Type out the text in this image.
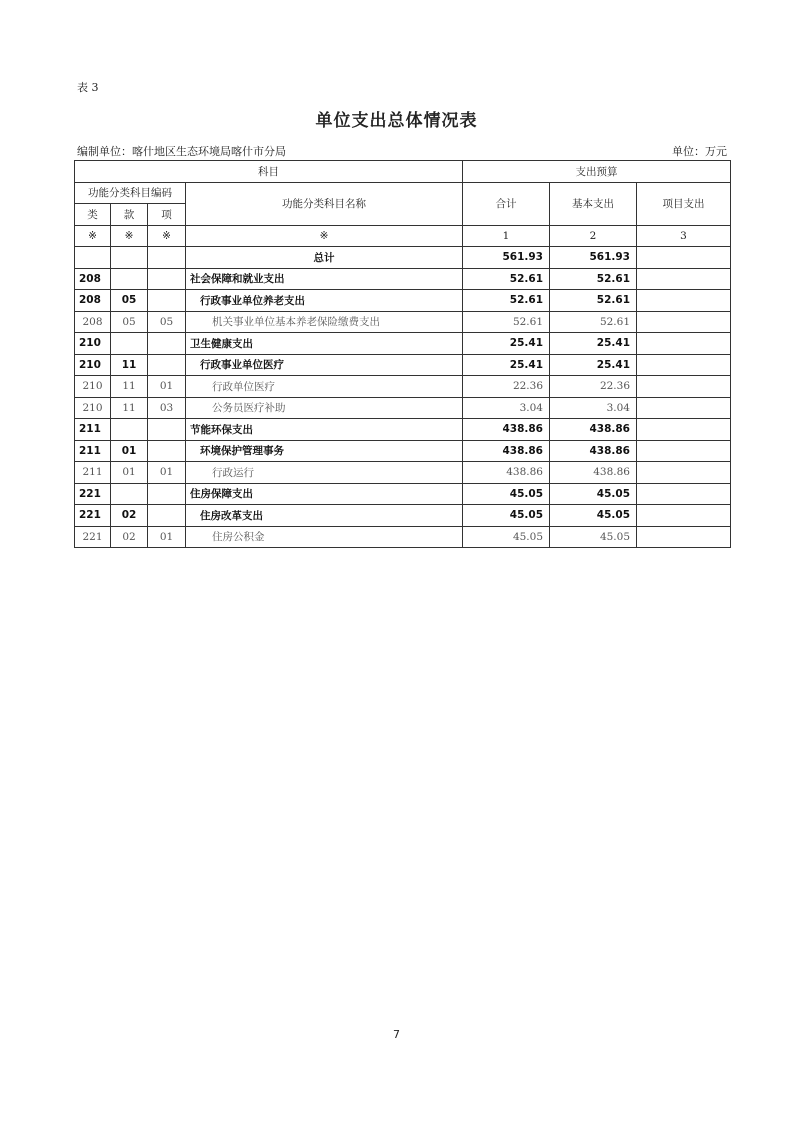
表 3
单位支出总体情况表
编制单位：喀什地区生态环境局喀什市分局	单位：万元
科目				支出预算		
功能分类科目编码			功能分类科目名称	合计	基本支出	项目支出
类	款	项				
※	※	※	※	1	2	3
			总计	561.93	561.93	
208			社会保障和就业支出	52.61	52.61	
208	05		行政事业单位养老支出	52.61	52.61	
208	05	05	机关事业单位基本养老保险缴费支出	52.61	52.61	
210			卫生健康支出	25.41	25.41	
210	11		行政事业单位医疗	25.41	25.41	
210	11	01	行政单位医疗	22.36	22.36	
210	11	03	公务员医疗补助	3.04	3.04	
211			节能环保支出	438.86	438.86	
211	01		环境保护管理事务	438.86	438.86	
211	01	01	行政运行	438.86	438.86	
221			住房保障支出	45.05	45.05	
221	02		住房改革支出	45.05	45.05	
221	02	01	住房公积金	45.05	45.05	
7
